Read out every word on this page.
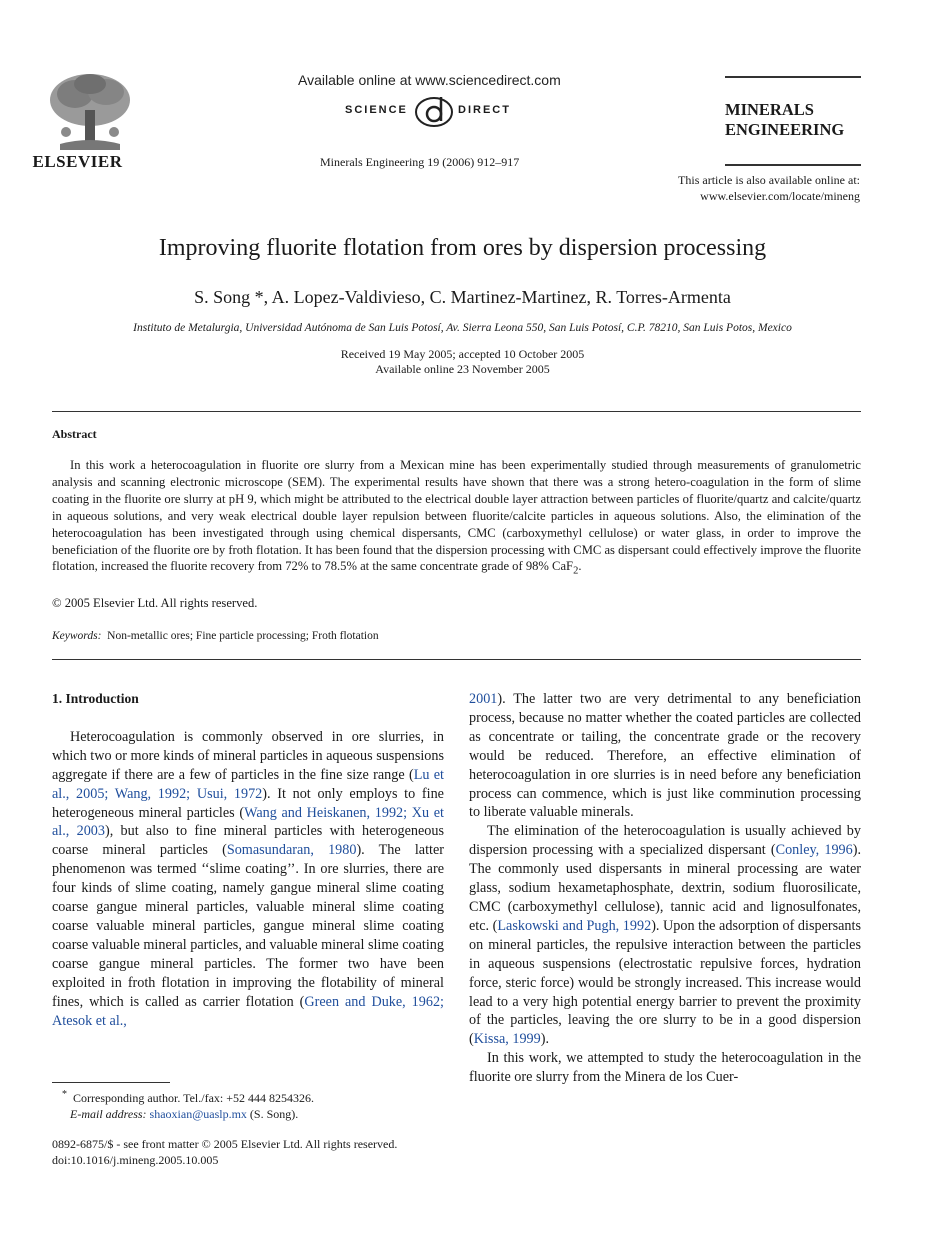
ELSEVIER
Available online at www.sciencedirect.com
SCIENCE	DIRECT
Minerals Engineering 19 (2006) 912–917
MINERALS
ENGINEERING
This article is also available online at:
www.elsevier.com/locate/mineng
Improving fluorite flotation from ores by dispersion processing
S. Song *, A. Lopez-Valdivieso, C. Martinez-Martinez, R. Torres-Armenta
Instituto de Metalurgia, Universidad Autónoma de San Luis Potosí, Av. Sierra Leona 550, San Luis Potosí, C.P. 78210, San Luis Potos, Mexico
Received 19 May 2005; accepted 10 October 2005
Available online 23 November 2005
Abstract

In this work a heterocoagulation in fluorite ore slurry from a Mexican mine has been experimentally studied through measurements of granulometric analysis and scanning electronic microscope (SEM). The experimental results have shown that there was a strong hetero-coagulation in the form of slime coating in the fluorite ore slurry at pH 9, which might be attributed to the electrical double layer attraction between particles of fluorite/quartz and calcite/quartz in aqueous solutions, and very weak electrical double layer repulsion between fluorite/calcite particles in aqueous solutions. Also, the elimination of the heterocoagulation has been investigated through using chemical dispersants, CMC (carboxymethyl cellulose) or water glass, in order to improve the beneficiation of the fluorite ore by froth flotation. It has been found that the dispersion processing with CMC as dispersant could effectively improve the fluorite flotation, increased the fluorite recovery from 72% to 78.5% at the same concentrate grade of 98% CaF$_2$.

© 2005 Elsevier Ltd. All rights reserved.
Keywords: Non-metallic ores; Fine particle processing; Froth flotation
1. Introduction

Heterocoagulation is commonly observed in ore slurries, in which two or more kinds of mineral particles in aqueous suspensions aggregate if there are a few of particles in the fine size range (Lu et al., 2005; Wang, 1992; Usui, 1972). It not only employs to fine heterogeneous mineral particles (Wang and Heiskanen, 1992; Xu et al., 2003), but also to fine mineral particles with heterogeneous coarse mineral particles (Somasundaran, 1980). The latter phenomenon was termed ‘‘slime coating’’. In ore slurries, there are four kinds of slime coating, namely gangue mineral slime coating coarse gangue mineral particles, valuable mineral slime coating coarse valuable mineral particles, gangue mineral slime coating coarse valuable mineral particles, and valuable mineral slime coating coarse gangue mineral particles. The former two have been exploited in froth flotation in improving the flotability of mineral fines, which is called as carrier flotation (Green and Duke, 1962; Atesok et al.,

* Corresponding author. Tel./fax: +52 444 8254326.
E-mail address: shaoxian@uaslp.mx (S. Song).
0892-6875/$ - see front matter © 2005 Elsevier Ltd. All rights reserved.
doi:10.1016/j.mineng.2005.10.005

2001). The latter two are very detrimental to any beneficiation process, because no matter whether the coated particles are collected as concentrate or tailing, the concentrate grade or the recovery would be reduced. Therefore, an effective elimination of heterocoagulation in ore slurries is in need before any beneficiation process can commence, which is just like comminution processing to liberate valuable minerals.

The elimination of the heterocoagulation is usually achieved by dispersion processing with a specialized dispersant (Conley, 1996). The commonly used dispersants in mineral processing are water glass, sodium hexametaphosphate, dextrin, sodium fluorosilicate, CMC (carboxymethyl cellulose), tannic acid and lignosulfonates, etc. (Laskowski and Pugh, 1992). Upon the adsorption of dispersants on mineral particles, the repulsive interaction between the particles in aqueous suspensions (electrostatic repulsive forces, hydration force, steric force) would be strongly increased. This increase would lead to a very high potential energy barrier to prevent the proximity of the particles, leaving the ore slurry to be in a good dispersion (Kissa, 1999).

In this work, we attempted to study the heterocoagulation in the fluorite ore slurry from the Minera de los Cuer-
